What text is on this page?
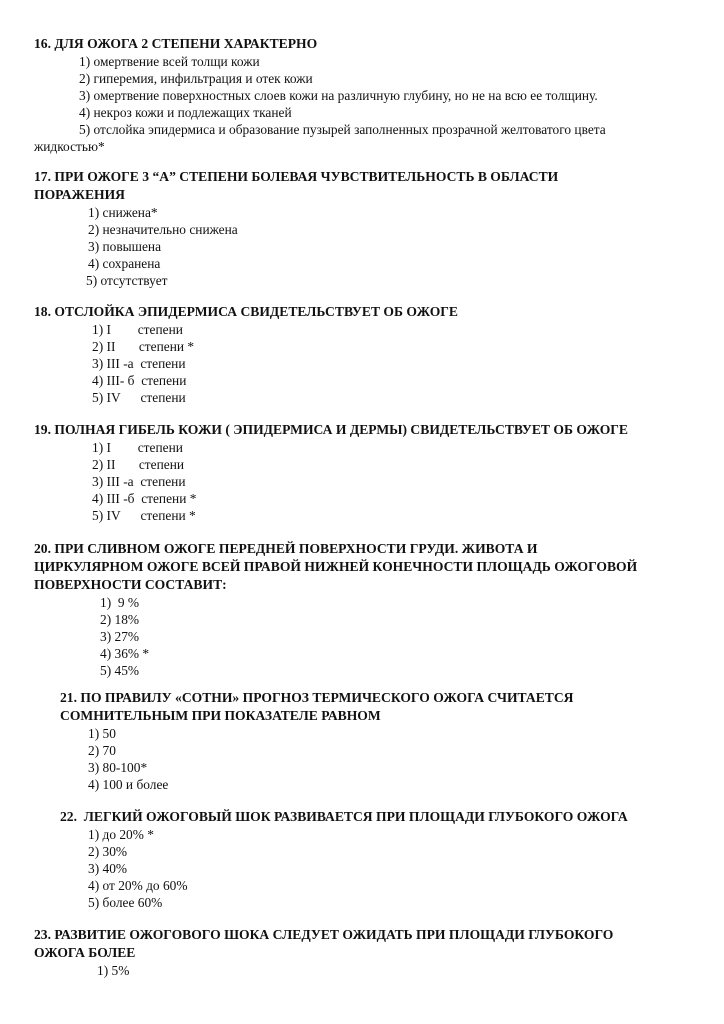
16. ДЛЯ ОЖОГА 2 СТЕПЕНИ ХАРАКТЕРНО

1) омертвение всей толщи кожи
2) гиперемия, инфильтрация и отек кожи
3) омертвение поверхностных слоев кожи на различную глубину, но не на всю ее толщину.
4) некроз кожи и подлежащих тканей
5) отслойка эпидермиса и образование пузырей заполненных прозрачной желтоватого цвета
жидкостью*

17. ПРИ ОЖОГЕ 3 “А” СТЕПЕНИ БОЛЕВАЯ ЧУВСТВИТЕЛЬНОСТЬ В ОБЛАСТИ
ПОРАЖЕНИЯ

1) снижена*
2) незначительно снижена
3) повышена
4) сохранена
5) отсутствует

18. ОТСЛОЙКА ЭПИДЕРМИСА СВИДЕТЕЛЬСТВУЕТ ОБ ОЖОГЕ

1) I        степени
2) II       степени *
3) III -а  степени
4) III- б  степени
5) IV      степени

19. ПОЛНАЯ ГИБЕЛЬ КОЖИ ( ЭПИДЕРМИСА И ДЕРМЫ) СВИДЕТЕЛЬСТВУЕТ ОБ ОЖОГЕ

1) I        степени
2) II       степени
3) III -а  степени
4) III -б  степени *
5) IV      степени *

20. ПРИ СЛИВНОМ ОЖОГЕ ПЕРЕДНЕЙ ПОВЕРХНОСТИ ГРУДИ. ЖИВОТА И
ЦИРКУЛЯРНОМ ОЖОГЕ ВСЕЙ ПРАВОЙ НИЖНЕЙ КОНЕЧНОСТИ ПЛОЩАДЬ ОЖОГОВОЙ
ПОВЕРХНОСТИ СОСТАВИТ:

1)  9 %
2) 18%
3) 27%
4) 36% *
5) 45%

21. ПО ПРАВИЛУ «СОТНИ» ПРОГНОЗ ТЕРМИЧЕСКОГО ОЖОГА СЧИТАЕТСЯ
СОМНИТЕЛЬНЫМ ПРИ ПОКАЗАТЕЛЕ РАВНОМ

1) 50
2) 70
3) 80-100*
4) 100 и более

22.  ЛЕГКИЙ ОЖОГОВЫЙ ШОК РАЗВИВАЕТСЯ ПРИ ПЛОЩАДИ ГЛУБОКОГО ОЖОГА

1) до 20% *
2) 30%
3) 40%
4) от 20% до 60%
5) более 60%

23. РАЗВИТИЕ ОЖОГОВОГО ШОКА СЛЕДУЕТ ОЖИДАТЬ ПРИ ПЛОЩАДИ ГЛУБОКОГО
ОЖОГА БОЛЕЕ

1) 5%
